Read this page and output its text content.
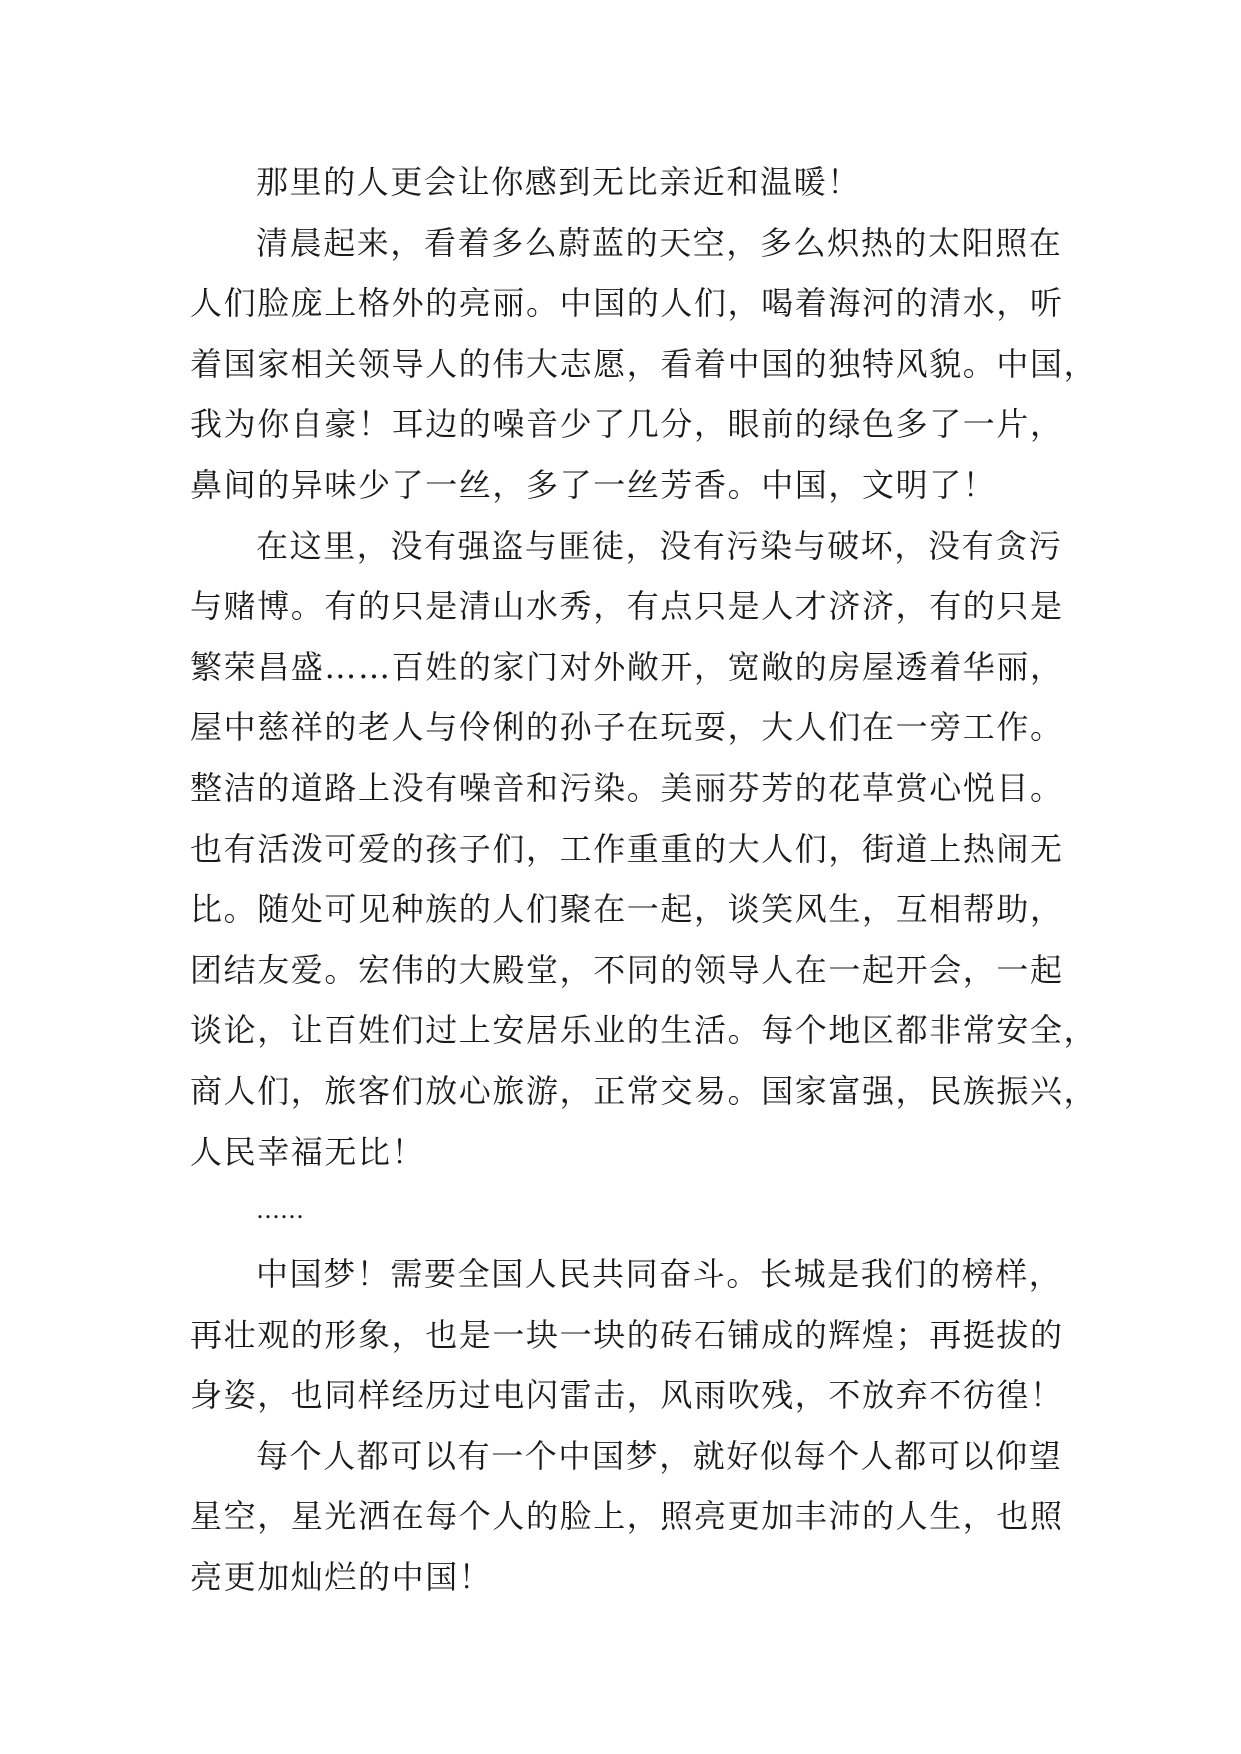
那里的人更会让你感到无比亲近和温暖！
清晨起来，看着多么蔚蓝的天空，多么炽热的太阳照在
人们脸庞上格外的亮丽。中国的人们，喝着海河的清水，听
着国家相关领导人的伟大志愿，看着中国的独特风貌。中国，
我为你自豪！耳边的噪音少了几分，眼前的绿色多了一片，
鼻间的异味少了一丝，多了一丝芳香。中国，文明了！
在这里，没有强盗与匪徒，没有污染与破坏，没有贪污
与赌博。有的只是清山水秀，有点只是人才济济，有的只是
繁荣昌盛……百姓的家门对外敞开，宽敞的房屋透着华丽，
屋中慈祥的老人与伶俐的孙子在玩耍，大人们在一旁工作。
整洁的道路上没有噪音和污染。美丽芬芳的花草赏心悦目。
也有活泼可爱的孩子们，工作重重的大人们，街道上热闹无
比。随处可见种族的人们聚在一起，谈笑风生，互相帮助，
团结友爱。宏伟的大殿堂，不同的领导人在一起开会，一起
谈论，让百姓们过上安居乐业的生活。每个地区都非常安全，
商人们，旅客们放心旅游，正常交易。国家富强，民族振兴，
人民幸福无比！
……
中国梦！需要全国人民共同奋斗。长城是我们的榜样，
再壮观的形象，也是一块一块的砖石铺成的辉煌；再挺拔的
身姿，也同样经历过电闪雷击，风雨吹残，不放弃不彷徨！
每个人都可以有一个中国梦，就好似每个人都可以仰望
星空，星光洒在每个人的脸上，照亮更加丰沛的人生，也照
亮更加灿烂的中国！
